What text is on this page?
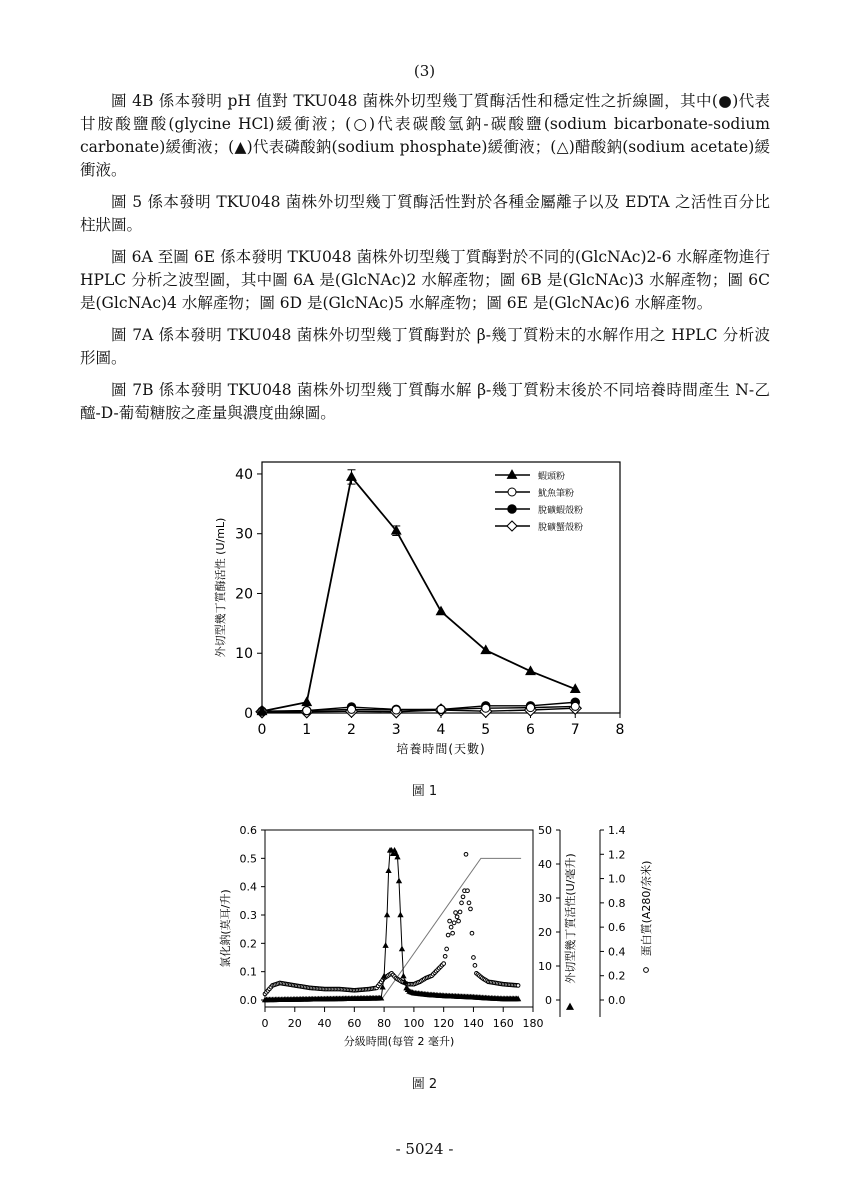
(3)

圖 4B 係本發明 pH 值對 TKU048 菌株外切型幾丁質酶活性和穩定性之折線圖，其中(●)代表甘胺酸鹽酸(glycine HCl)緩衝液；(○)代表碳酸氫鈉-碳酸鹽(sodium bicarbonate-sodium carbonate)緩衝液；(▲)代表磷酸鈉(sodium phosphate)緩衝液；(△)醋酸鈉(sodium acetate)緩衝液。

圖 5 係本發明 TKU048 菌株外切型幾丁質酶活性對於各種金屬離子以及 EDTA 之活性百分比柱狀圖。

圖 6A 至圖 6E 係本發明 TKU048 菌株外切型幾丁質酶對於不同的(GlcNAc)2-6 水解產物進行 HPLC 分析之波型圖，其中圖 6A 是(GlcNAc)2 水解產物；圖 6B 是(GlcNAc)3 水解產物；圖 6C 是(GlcNAc)4 水解產物；圖 6D 是(GlcNAc)5 水解產物；圖 6E 是(GlcNAc)6 水解產物。

圖 7A 係本發明 TKU048 菌株外切型幾丁質酶對於 β-幾丁質粉末的水解作用之 HPLC 分析波形圖。

圖 7B 係本發明 TKU048 菌株外切型幾丁質酶水解 β-幾丁質粉末後於不同培養時間產生 N-乙醯-D-葡萄糖胺之產量與濃度曲線圖。

0	1	2	3	4	5	6	7	8
0
10
20
30
40
培養時間(天數)
外切型幾丁質酶活性 (U/mL)
蝦頭粉
魷魚筆粉
脫礦蝦殼粉
脫礦蟹殼粉
圖 1
0 20 40 60 80 100 120 140 160 180
0.0
0.1
0.2
0.3
0.4
0.5
0.6
0
10
20
30
40
50
0.0
0.2
0.4
0.6
0.8
1.0
1.2
1.4
分級時間(每管 2 毫升)
氯化鈉(莫耳/升)	外切型幾丁質活性(U/毫升)	蛋白質(A280/奈米)
圖 2
- 5024 -
